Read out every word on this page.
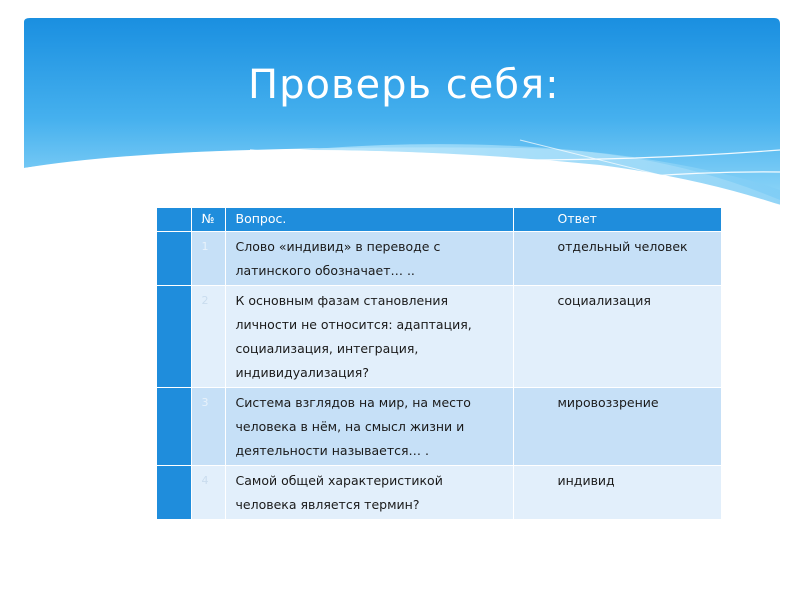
Проверь себя:
	№	Вопрос.	Ответ
	1	Слово «индивид» в переводе с латинского обозначает… ..	отдельный человек
	2	К основным фазам становления личности не относится: адаптация, социализация, интеграция, индивидуализация?	социализация
	3	Система взглядов на мир, на место человека в нём, на смысл жизни и деятельности называется… .	мировоззрение
	4	Самой общей характеристикой человека является термин?	индивид
